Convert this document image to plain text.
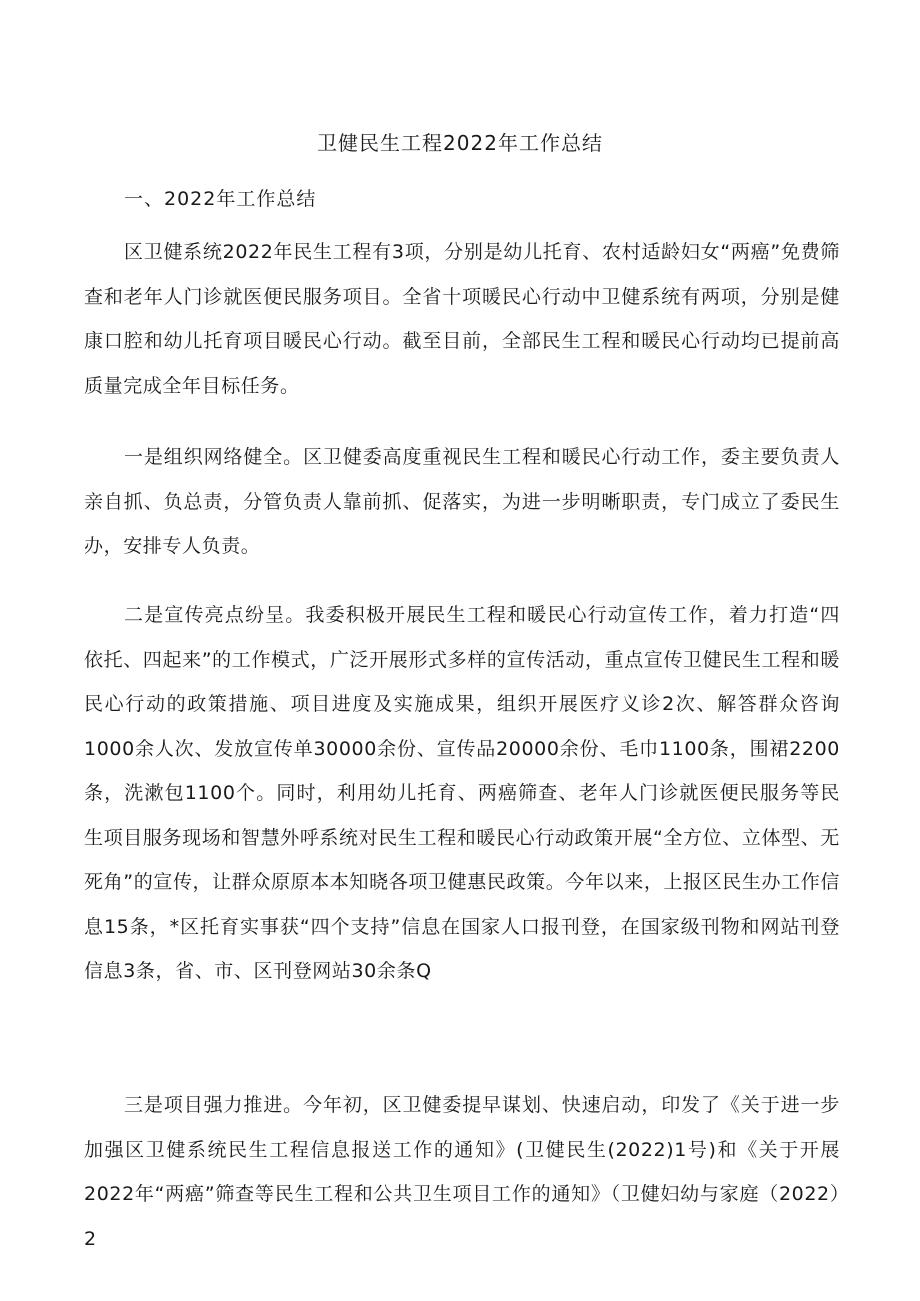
卫健民生工程2022年工作总结
一、2022年工作总结

区卫健系统2022年民生工程有3项，分别是幼儿托育、农村适龄妇女“两癌”免费筛查和老年人门诊就医便民服务项目。全省十项暖民心行动中卫健系统有两项，分别是健康口腔和幼儿托育项目暖民心行动。截至目前，全部民生工程和暖民心行动均已提前高质量完成全年目标任务。

一是组织网络健全。区卫健委高度重视民生工程和暖民心行动工作，委主要负责人亲自抓、负总责，分管负责人靠前抓、促落实，为进一步明晰职责，专门成立了委民生办，安排专人负责。

二是宣传亮点纷呈。我委积极开展民生工程和暖民心行动宣传工作，着力打造“四依托、四起来”的工作模式，广泛开展形式多样的宣传活动，重点宣传卫健民生工程和暖民心行动的政策措施、项目进度及实施成果，组织开展医疗义诊2次、解答群众咨询1000余人次、发放宣传单30000余份、宣传品20000余份、毛巾1100条，围裙2200条，洗漱包1100个。同时，利用幼儿托育、两癌筛查、老年人门诊就医便民服务等民生项目服务现场和智慧外呼系统对民生工程和暖民心行动政策开展“全方位、立体型、无死角”的宣传，让群众原原本本知晓各项卫健惠民政策。今年以来，上报区民生办工作信息15条，*区托育实事获“四个支持”信息在国家人口报刊登，在国家级刊物和网站刊登信息3条，省、市、区刊登网站30余条Q

三是项目强力推进。今年初，区卫健委提早谋划、快速启动，印发了《关于进一步加强区卫健系统民生工程信息报送工作的通知》(卫健民生(2022)1号)和《关于开展2022年“两癌”筛查等民生工程和公共卫生项目工作的通知》（卫健妇幼与家庭（2022）2
